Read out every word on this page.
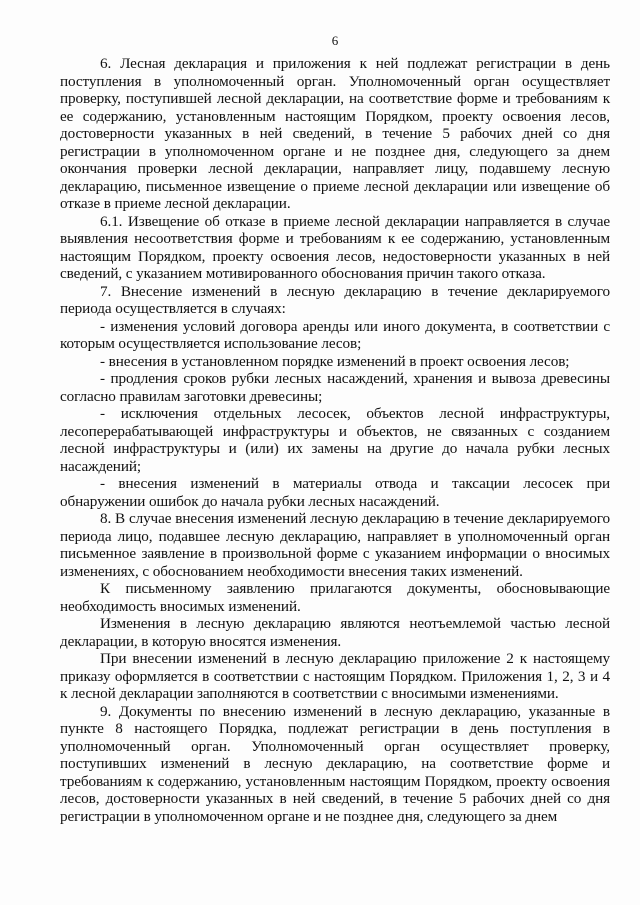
6

6. Лесная декларация и приложения к ней подлежат регистрации в день поступления в уполномоченный орган. Уполномоченный орган осуществляет проверку, поступившей лесной декларации, на соответствие форме и требованиям к ее содержанию, установленным настоящим Порядком, проекту освоения лесов, достоверности указанных в ней сведений, в течение 5 рабочих дней со дня регистрации в уполномоченном органе и не позднее дня, следующего за днем окончания проверки лесной декларации, направляет лицу, подавшему лесную декларацию, письменное извещение о приеме лесной декларации или извещение об отказе в приеме лесной декларации.

6.1. Извещение об отказе в приеме лесной декларации направляется в случае выявления несоответствия форме и требованиям к ее содержанию, установленным настоящим Порядком, проекту освоения лесов, недостоверности указанных в ней сведений, с указанием мотивированного обоснования причин такого отказа.

7. Внесение изменений в лесную декларацию в течение декларируемого периода осуществляется в случаях:

- изменения условий договора аренды или иного документа, в соответствии с которым осуществляется использование лесов;

- внесения в установленном порядке изменений в проект освоения лесов;

- продления сроков рубки лесных насаждений, хранения и вывоза древесины согласно правилам заготовки древесины;

- исключения отдельных лесосек, объектов лесной инфраструктуры, лесоперерабатывающей инфраструктуры и объектов, не связанных с созданием лесной инфраструктуры и (или) их замены на другие до начала рубки лесных насаждений;

- внесения изменений в материалы отвода и таксации лесосек при обнаружении ошибок до начала рубки лесных насаждений.

8. В случае внесения изменений лесную декларацию в течение декларируемого периода лицо, подавшее лесную декларацию, направляет в уполномоченный орган письменное заявление в произвольной форме с указанием информации о вносимых изменениях, с обоснованием необходимости внесения таких изменений.

К письменному заявлению прилагаются документы, обосновывающие необходимость вносимых изменений.

Изменения в лесную декларацию являются неотъемлемой частью лесной декларации, в которую вносятся изменения.

При внесении изменений в лесную декларацию приложение 2 к настоящему приказу оформляется в соответствии с настоящим Порядком. Приложения 1, 2, 3 и 4 к лесной декларации заполняются в соответствии с вносимыми изменениями.

9. Документы по внесению изменений в лесную декларацию, указанные в пункте 8 настоящего Порядка, подлежат регистрации в день поступления в уполномоченный орган. Уполномоченный орган осуществляет проверку, поступивших изменений в лесную декларацию, на соответствие форме и требованиям к содержанию, установленным настоящим Порядком, проекту освоения лесов, достоверности указанных в ней сведений, в течение 5 рабочих дней со дня регистрации в уполномоченном органе и не позднее дня, следующего за днем
